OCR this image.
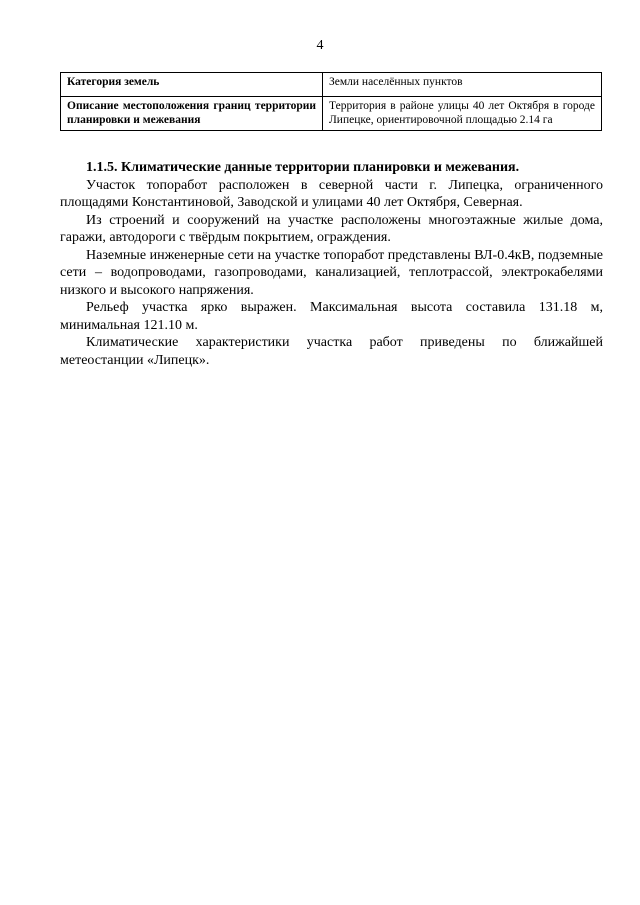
4
Категория земель	Земли населённых пунктов
Описание местоположения границ территории планировки и межевания	Территория в районе улицы 40 лет Октября в городе Липецке, ориентировочной площадью 2.14 га
1.1.5. Климатические данные территории планировки и межевания.

Участок топоработ расположен в северной части г. Липецка, ограниченного площадями Константиновой, Заводской и улицами 40 лет Октября, Северная.

Из строений и сооружений на участке расположены многоэтажные жилые дома, гаражи, автодороги с твёрдым покрытием, ограждения.

Наземные инженерные сети на участке топоработ представлены ВЛ-0.4кВ, подземные сети – водопроводами, газопроводами, канализацией, теплотрассой, электрокабелями низкого и высокого напряжения.

Рельеф участка ярко выражен. Максимальная высота составила 131.18 м, минимальная 121.10 м.

Климатические характеристики участка работ приведены по ближайшей метеостанции «Липецк».
